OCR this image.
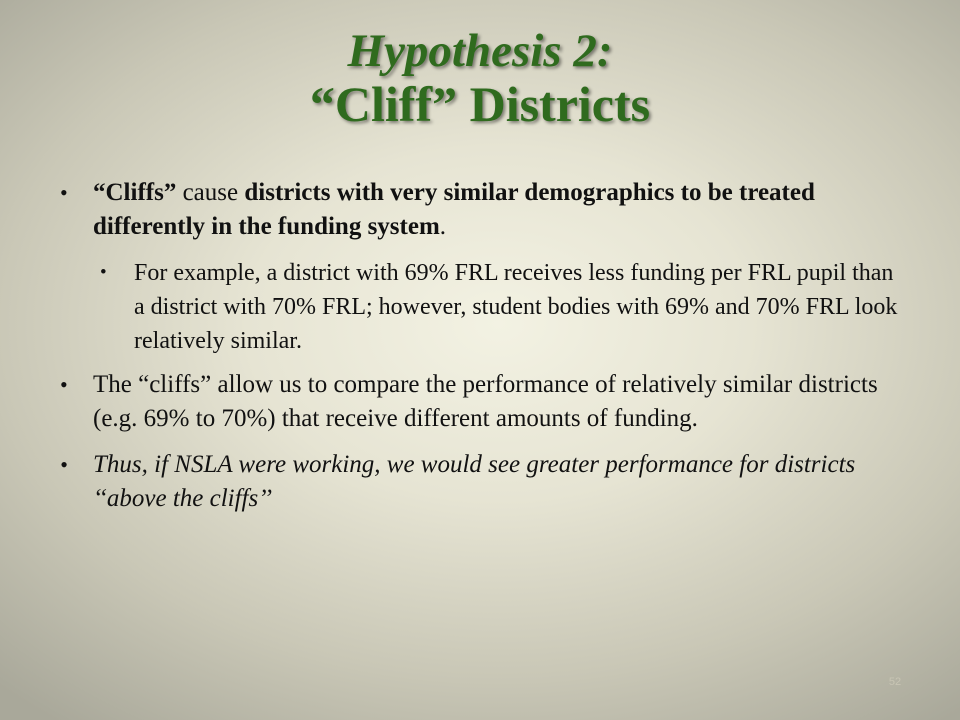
Hypothesis 2:
“Cliff” Districts
• “Cliffs” cause districts with very similar demographics to be treated differently in the funding system.
• For example, a district with 69% FRL receives less funding per FRL pupil than a district with 70% FRL; however, student bodies with 69% and 70% FRL look relatively similar.
• The “cliffs” allow us to compare the performance of relatively similar districts (e.g. 69% to 70%) that receive different amounts of funding.
• Thus, if NSLA were working, we would see greater performance for districts ‘‘above the cliffs’’
52
